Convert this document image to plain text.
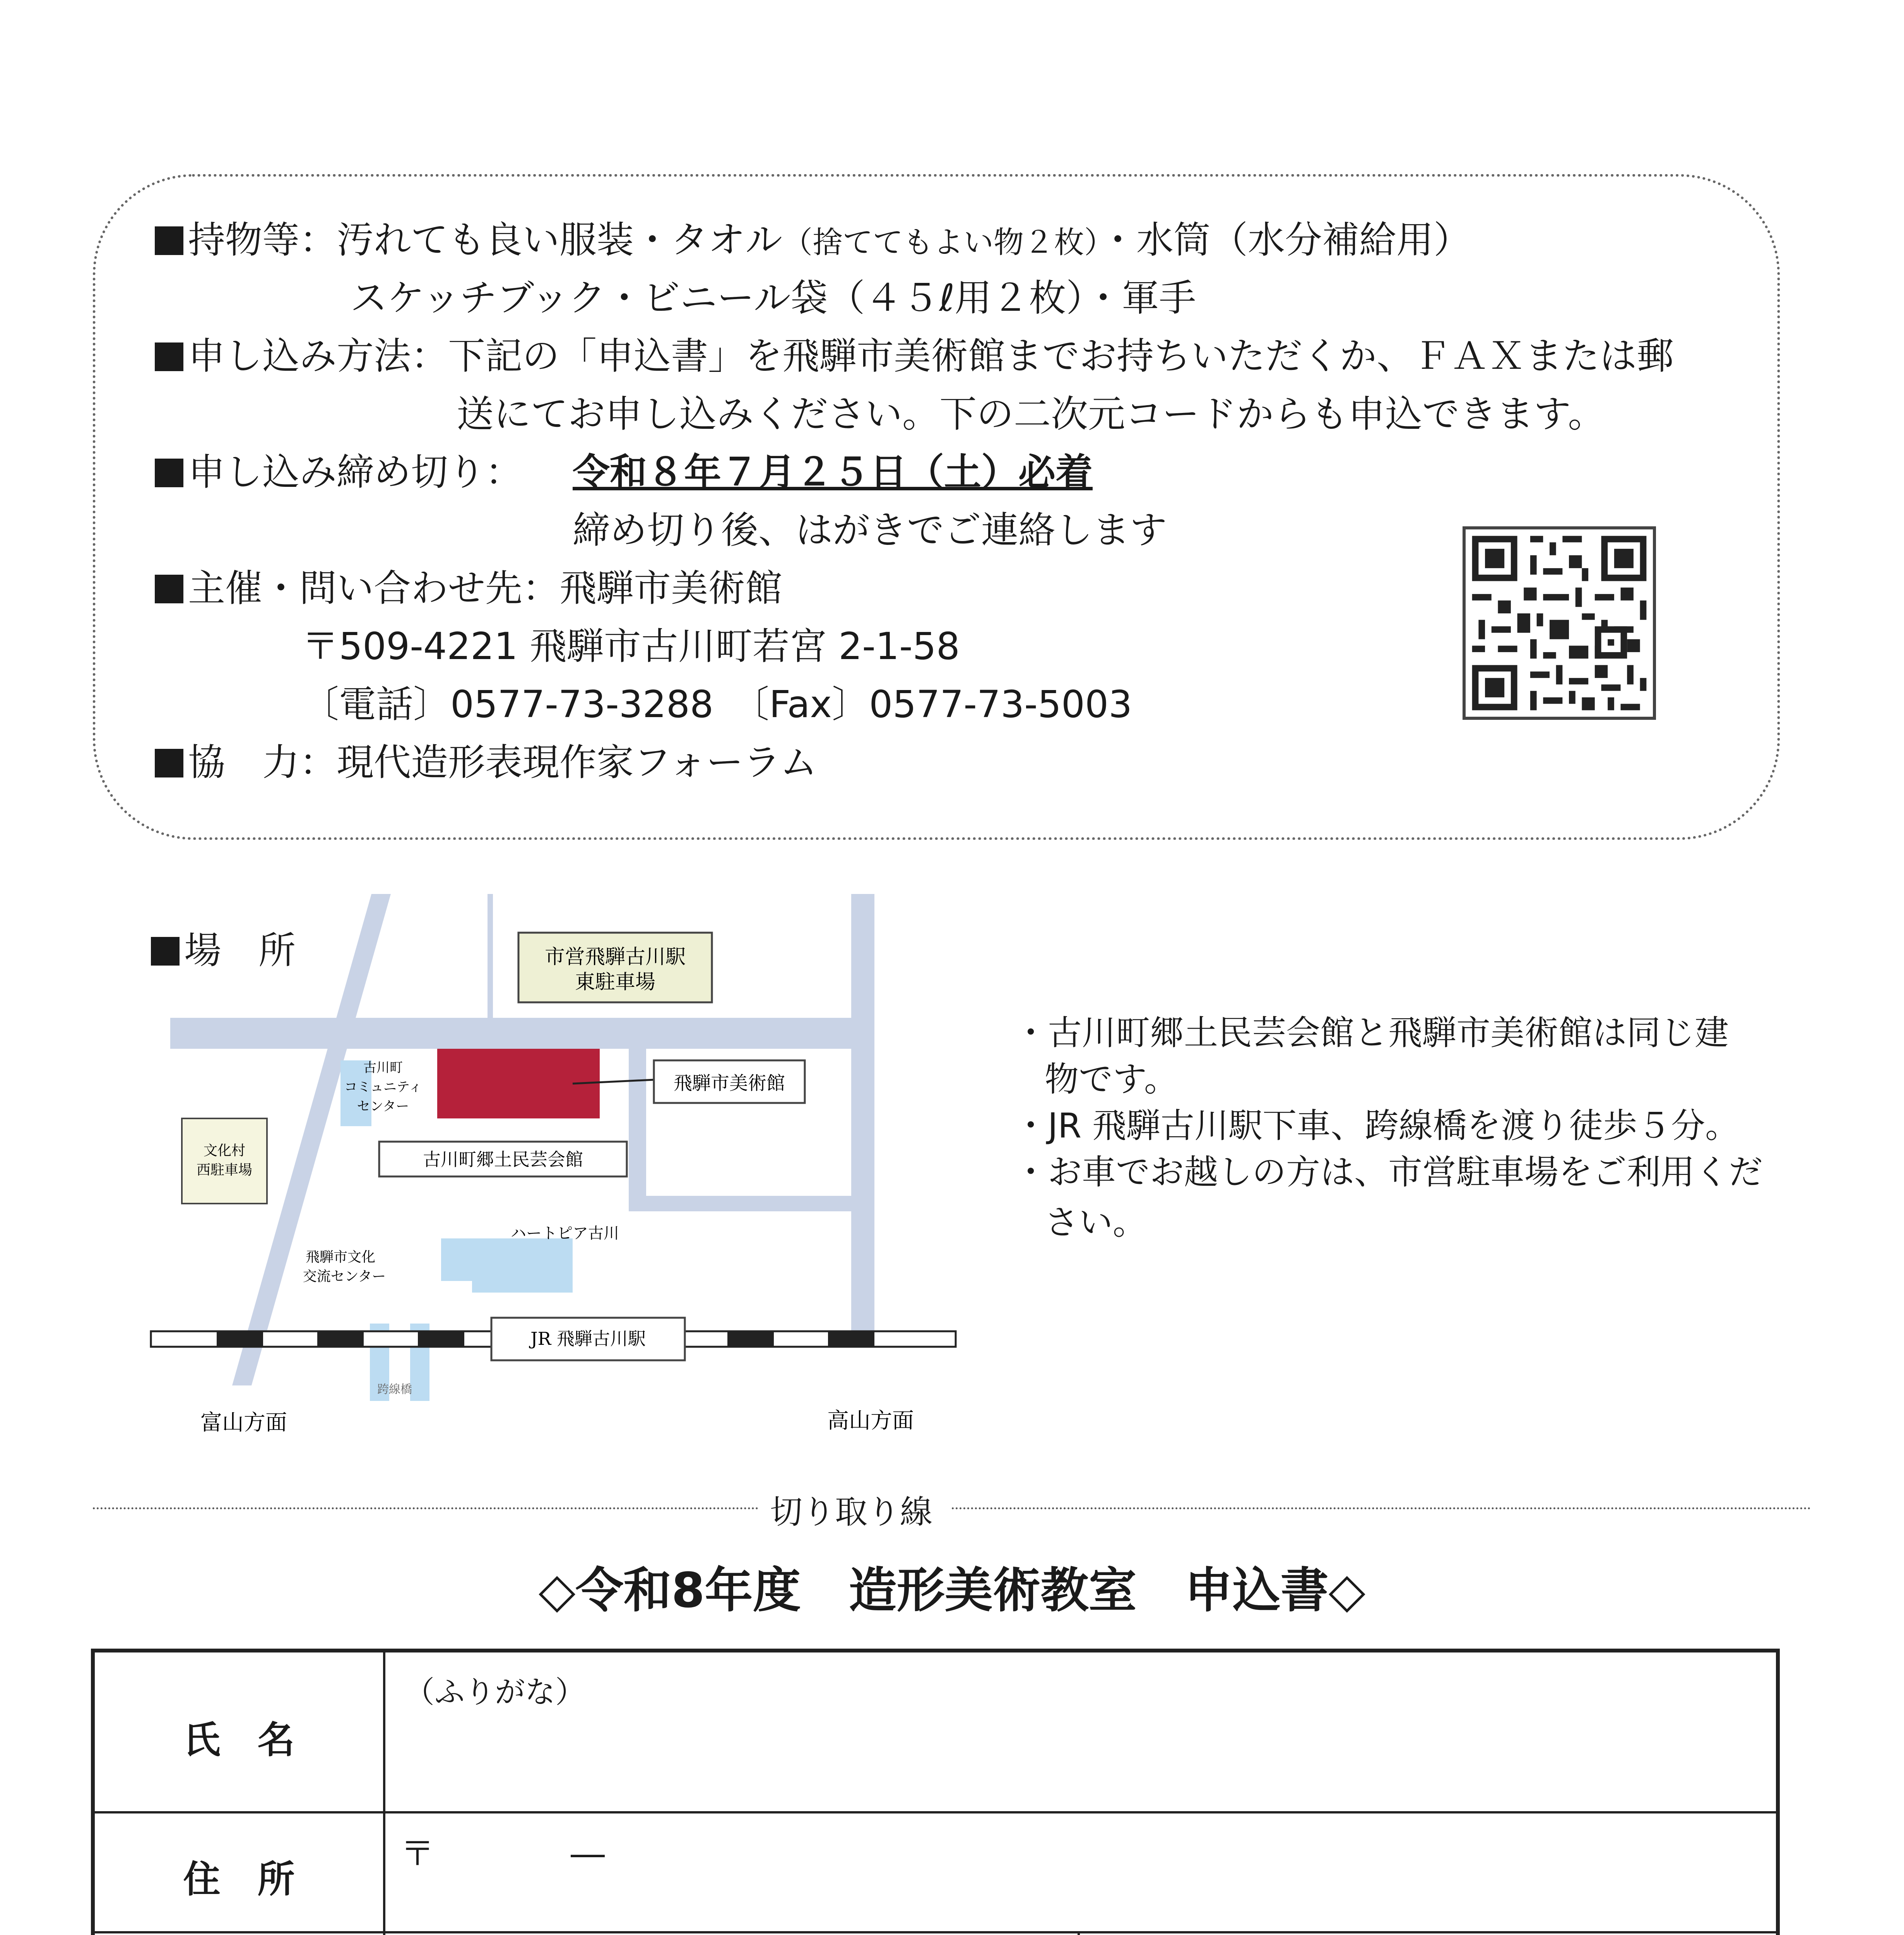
持物等：汚れても良い服装・タオル（捨ててもよい物２枚）・水筒（水分補給用）
スケッチブック・ビニール袋（４５ℓ用２枚）・軍手
申し込み方法：下記の「申込書」を飛騨市美術館までお持ちいただくか、ＦＡＸまたは郵
送にてお申し込みください。下の二次元コードからも申込できます。
申し込み締め切り： 令和８年７月２５日（土）必着
締め切り後、はがきでご連絡します
主催・問い合わせ先：飛騨市美術館
〒509-4221 飛騨市古川町若宮 2-1-58
〔電話〕0577-73-3288　〔Fax〕0577-73-5003
協　力：現代造形表現作家フォーラム
場　所	市営飛騨古川駅
東駐車場
飛騨市美術館
古川町
コミュニティ
センター
古川町郷土民芸会館
文化村
西駐車場
飛騨市文化
交流センター
ハートピア古川
JR 飛騨古川駅
跨線橋
富山方面	高山方面
・古川町郷土民芸会館と飛騨市美術館は同じ建
物です。
・JR 飛騨古川駅下車、跨線橋を渡り徒歩５分。
・お車でお越しの方は、市営駐車場をご利用くだ
さい。
切り取り線
◇令和8年度　造形美術教室　申込書◇
氏　名
住　所
（ふりがな）
〒　　　　―
